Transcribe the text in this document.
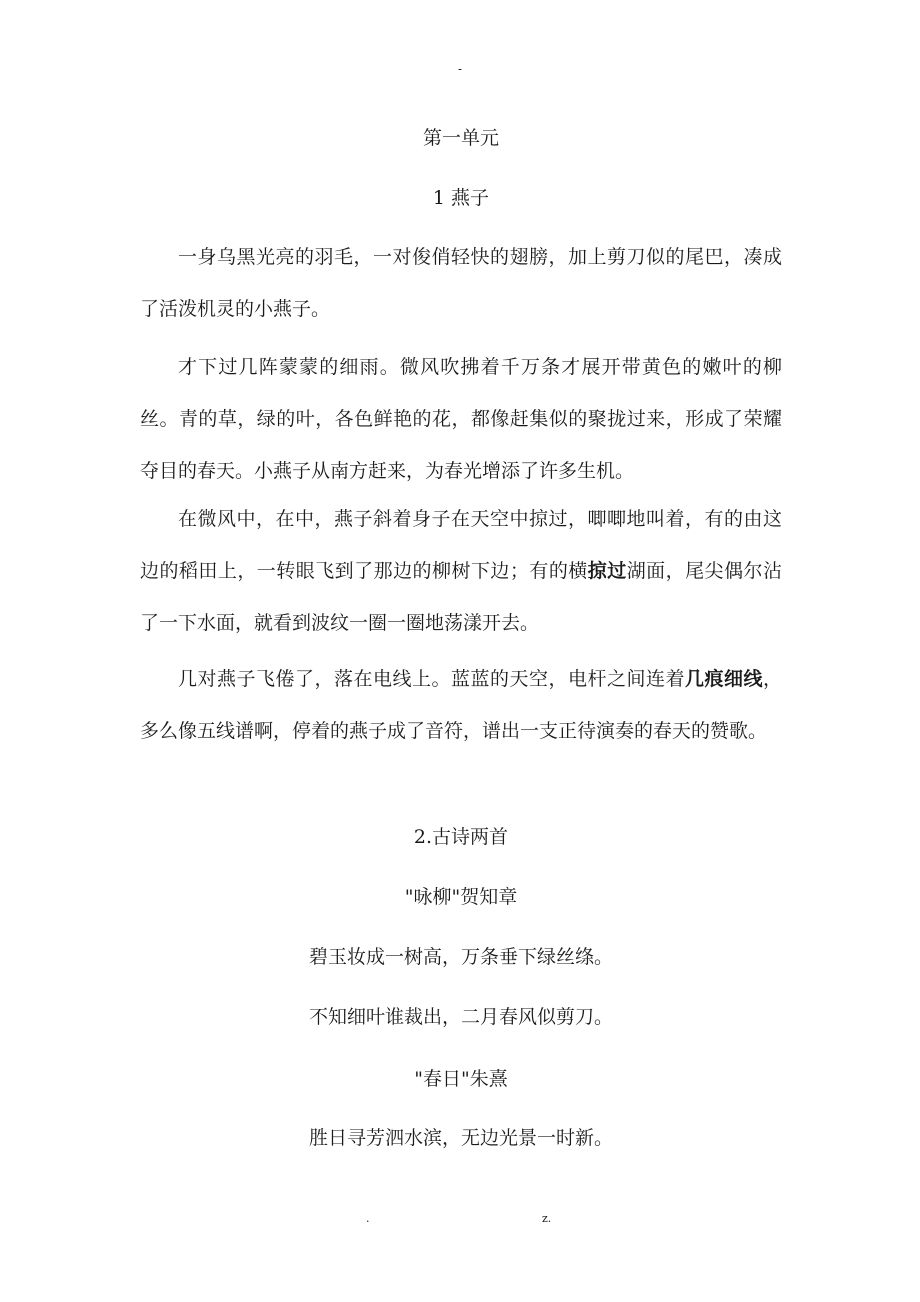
-

第一单元

1 燕子

一身乌黑光亮的羽毛，一对俊俏轻快的翅膀，加上剪刀似的尾巴，凑成了活泼机灵的小燕子。

才下过几阵蒙蒙的细雨。微风吹拂着千万条才展开带黄色的嫩叶的柳丝。青的草，绿的叶，各色鲜艳的花，都像赶集似的聚拢过来，形成了荣耀夺目的春天。小燕子从南方赶来，为春光增添了许多生机。

在微风中，在中，燕子斜着身子在天空中掠过，唧唧地叫着，有的由这边的稻田上，一转眼飞到了那边的柳树下边；有的横掠过湖面，尾尖偶尔沾了一下水面，就看到波纹一圈一圈地荡漾开去。

几对燕子飞倦了，落在电线上。蓝蓝的天空，电杆之间连着几痕细线，多么像五线谱啊，停着的燕子成了音符，谱出一支正待演奏的春天的赞歌。

2.古诗两首

"咏柳"贺知章

碧玉妆成一树高，万条垂下绿丝绦。

不知细叶谁裁出，二月春风似剪刀。

"春日"朱熹

胜日寻芳泗水滨，无边光景一时新。

.	z.
